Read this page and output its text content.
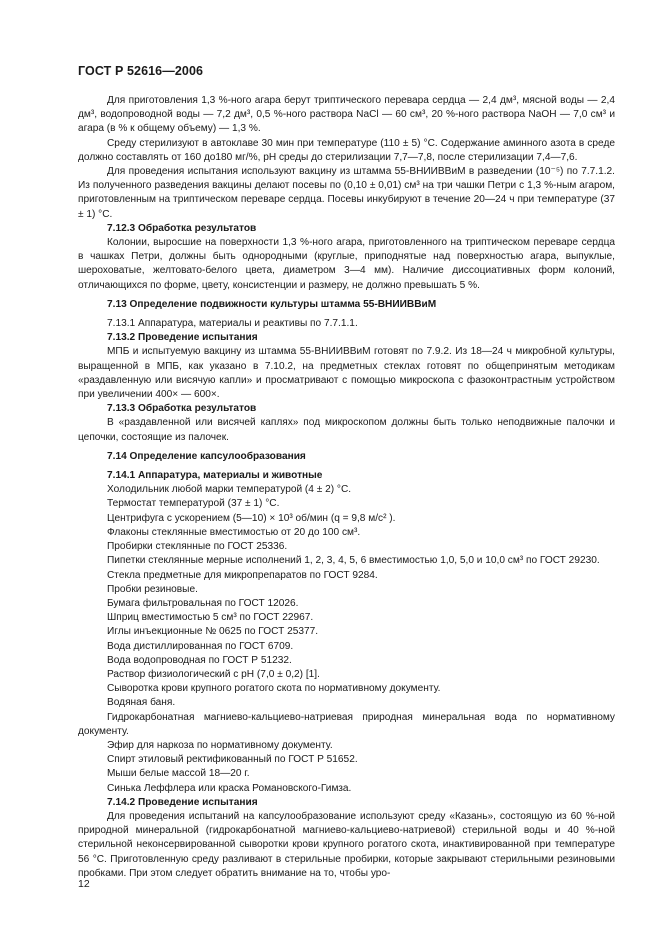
ГОСТ Р 52616—2006

Для приготовления 1,3 %-ного агара берут триптического перевара сердца — 2,4 дм³, мясной воды — 2,4 дм³, водопроводной воды — 7,2 дм³, 0,5 %-ного раствора NaCl — 60 см³, 20 %-ного раствора NaOH — 7,0 см³ и агара (в % к общему объему) — 1,3 %.

Среду стерилизуют в автоклаве 30 мин при температуре (110 ± 5) °С. Содержание аминного азота в среде должно составлять от 160 до180 мг/%, рН среды до стерилизации 7,7—7,8, после стерилизации 7,4—7,6.

Для проведения испытания используют вакцину из штамма 55-ВНИИВВиМ в разведении (10⁻⁵) по 7.7.1.2. Из полученного разведения вакцины делают посевы по (0,10 ± 0,01) см³ на три чашки Петри с 1,3 %-ным агаром, приготовленным на триптическом переваре сердца. Посевы инкубируют в течение 20—24 ч при температуре (37 ± 1) °С.

7.12.3 Обработка результатов

Колонии, выросшие на поверхности 1,3 %-ного агара, приготовленного на триптическом переваре сердца в чашках Петри, должны быть однородными (круглые, приподнятые над поверхностью агара, выпуклые, шероховатые, желтовато-белого цвета, диаметром 3—4 мм). Наличие диссоциативных форм колоний, отличающихся по форме, цвету, консистенции и размеру, не должно превышать 5 %.

7.13 Определение подвижности культуры штамма 55-ВНИИВВиМ

7.13.1 Аппаратура, материалы и реактивы по 7.7.1.1.

7.13.2 Проведение испытания

МПБ и испытуемую вакцину из штамма 55-ВНИИВВиМ готовят по 7.9.2. Из 18—24 ч микробной культуры, выращенной в МПБ, как указано в 7.10.2, на предметных стеклах готовят по общепринятым методикам «раздавленную или висячую капли» и просматривают с помощью микроскопа с фазоконтрастным устройством при увеличении 400× — 600×.

7.13.3 Обработка результатов

В «раздавленной или висячей каплях» под микроскопом должны быть только неподвижные палочки и цепочки, состоящие из палочек.

7.14 Определение капсулообразования

7.14.1 Аппаратура, материалы и животные

Холодильник любой марки температурой (4 ± 2) °С.

Термостат температурой (37 ± 1) °С.

Центрифуга с ускорением (5—10) × 10³ об/мин (q = 9,8 м/с² ).

Флаконы стеклянные вместимостью от 20 до 100 см³.

Пробирки стеклянные по ГОСТ 25336.

Пипетки стеклянные мерные исполнений 1, 2, 3, 4, 5, 6 вместимостью 1,0, 5,0 и 10,0 см³ по ГОСТ 29230.

Стекла предметные для микропрепаратов по ГОСТ 9284.

Пробки резиновые.

Бумага фильтровальная по ГОСТ 12026.

Шприц вместимостью 5 см³ по ГОСТ 22967.

Иглы инъекционные № 0625 по ГОСТ 25377.

Вода дистиллированная по ГОСТ 6709.

Вода водопроводная по ГОСТ Р 51232.

Раствор физиологический с рН (7,0 ± 0,2) [1].

Сыворотка крови крупного рогатого скота по нормативному документу.

Водяная баня.

Гидрокарбонатная магниево-кальциево-натриевая природная минеральная вода по нормативному документу.

Эфир для наркоза по нормативному документу.

Спирт этиловый ректификованный по ГОСТ Р 51652.

Мыши белые массой 18—20 г.

Синька Леффлера или краска Романовского-Гимза.

7.14.2 Проведение испытания

Для проведения испытаний на капсулообразование используют среду «Казань», состоящую из 60 %-ной природной минеральной (гидрокарбонатной магниево-кальциево-натриевой) стерильной воды и 40 %-ной стерильной неконсервированной сыворотки крови крупного рогатого скота, инактивированной при температуре 56 °С. Приготовленную среду разливают в стерильные пробирки, которые закрывают стерильными резиновыми пробками. При этом следует обратить внимание на то, чтобы уро-

12
